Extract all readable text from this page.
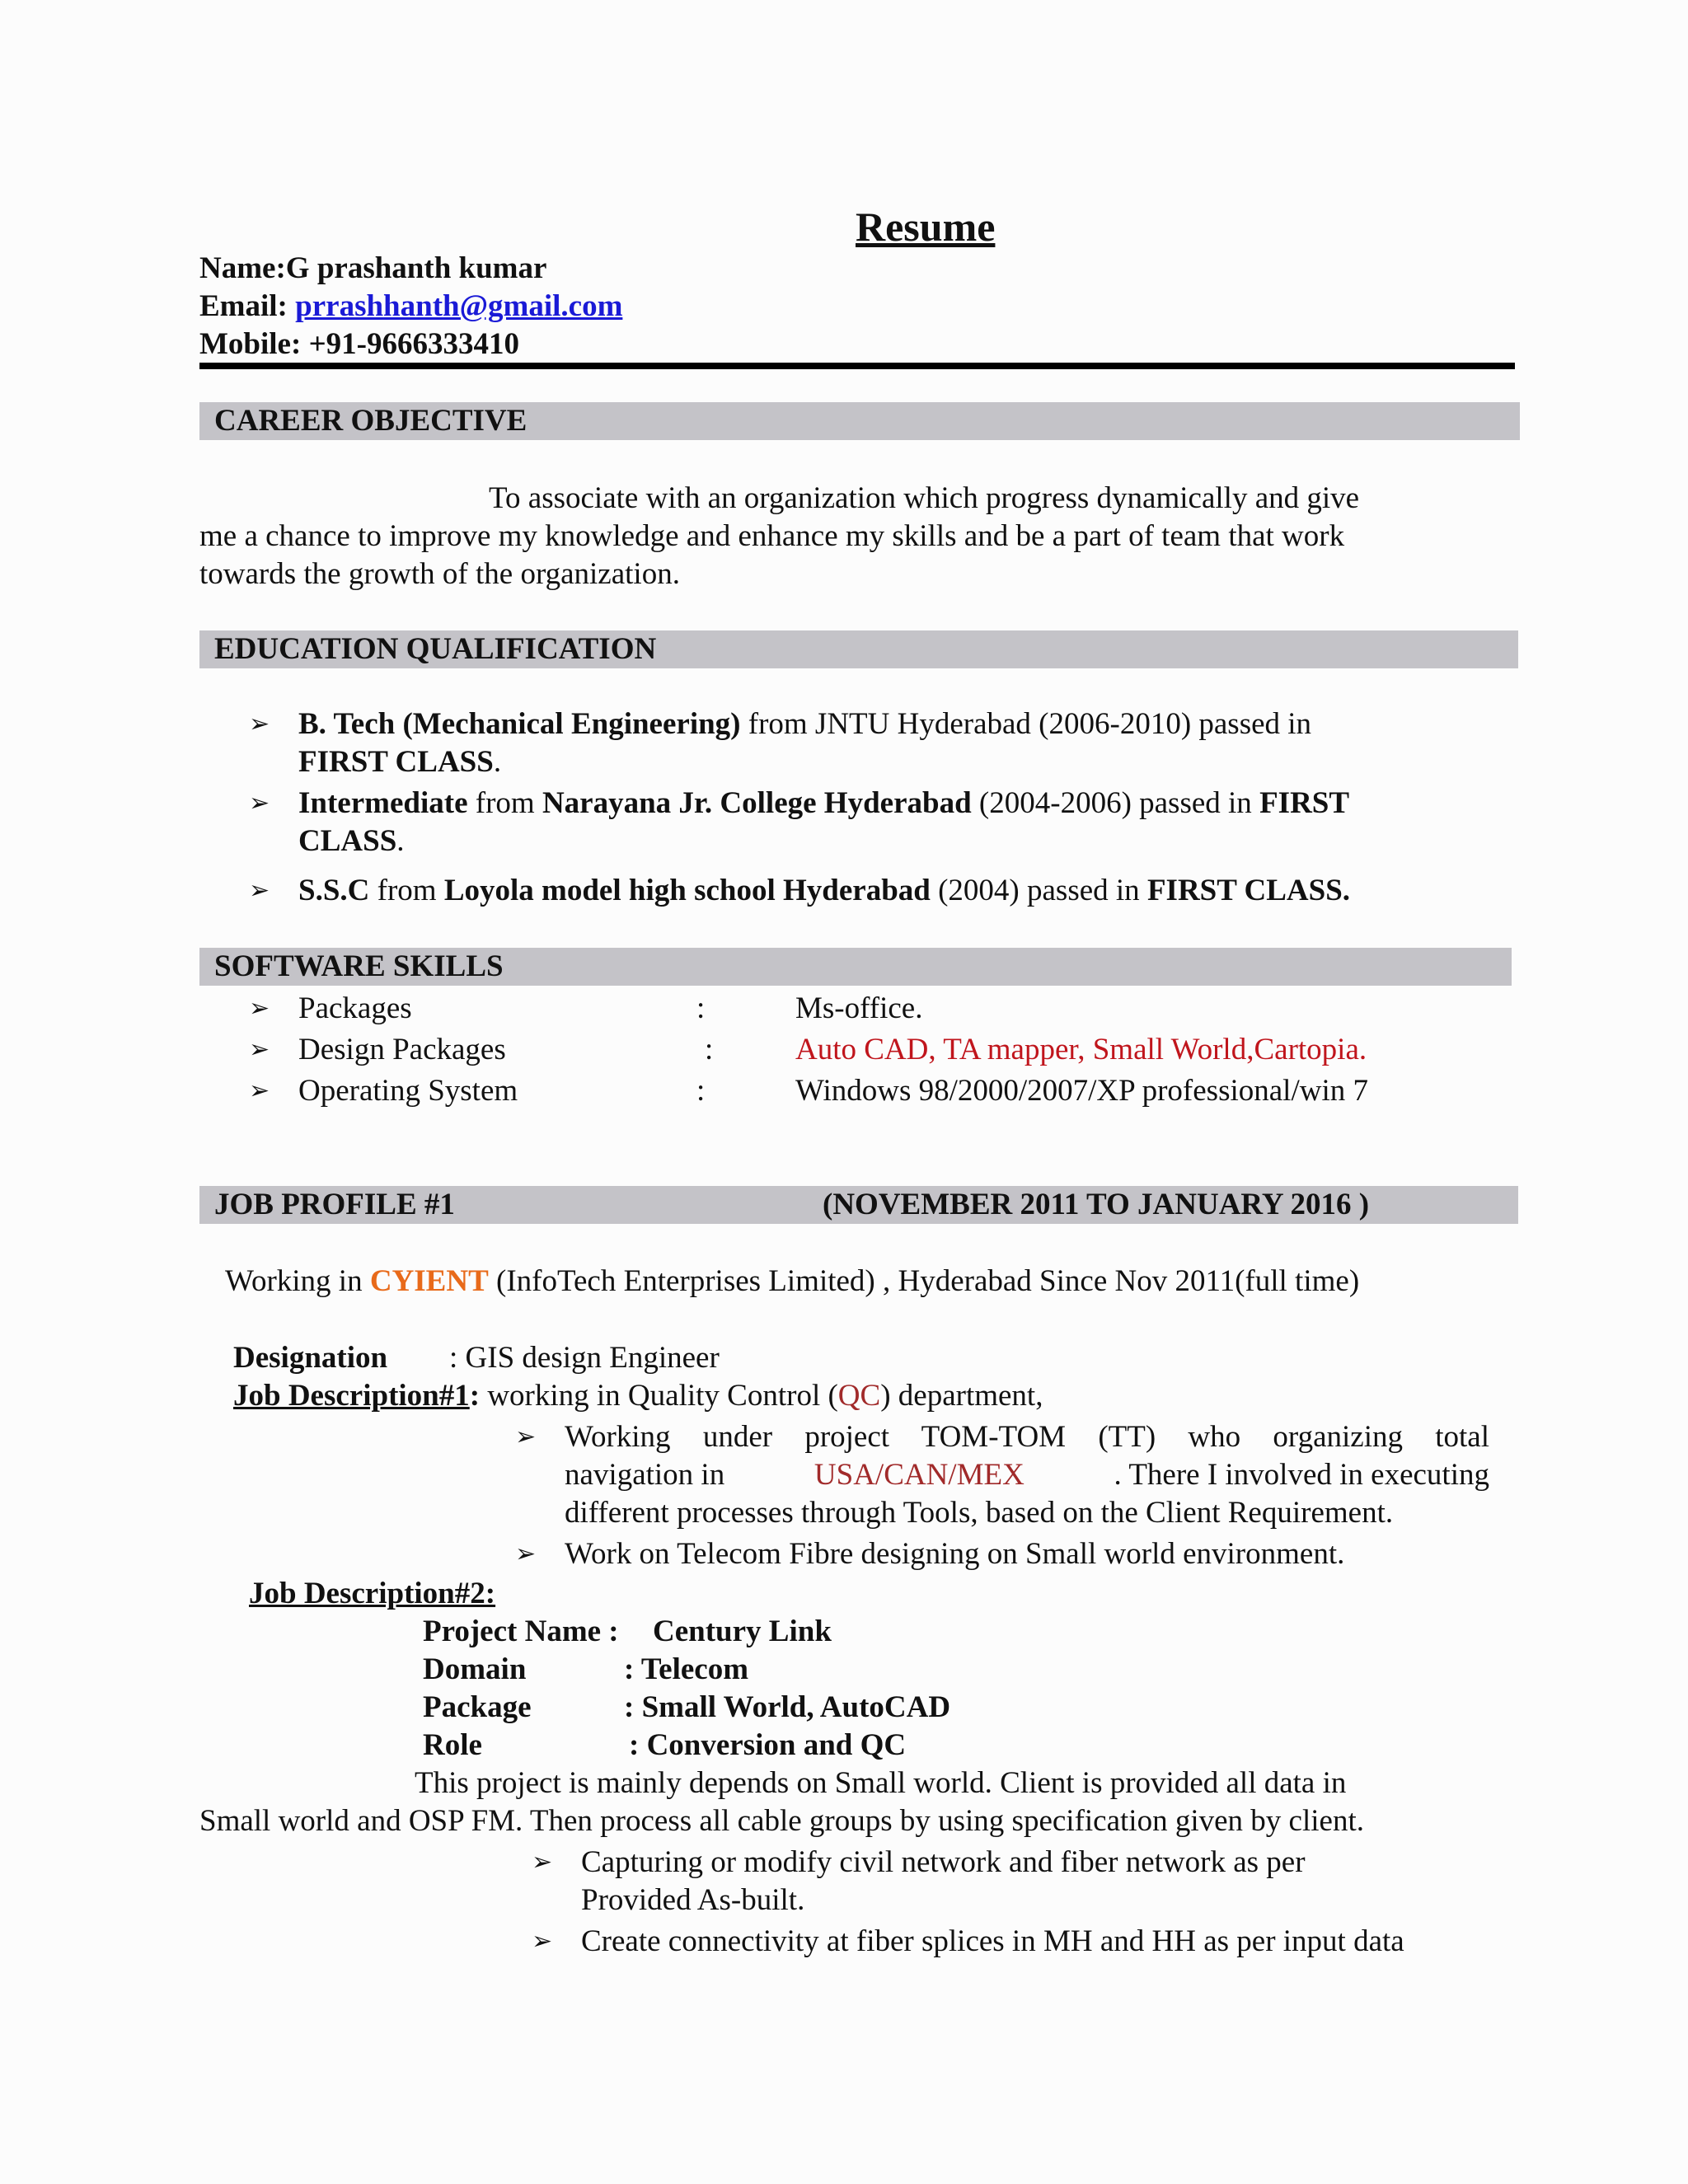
Resume
Name:G prashanth kumar
Email: prrashhanth@gmail.com
Mobile: +91-9666333410
CAREER OBJECTIVE
To associate with an organization which progress dynamically and give
me a chance to improve my knowledge and enhance my skills and be a part of team that work
towards the growth of the organization.
EDUCATION QUALIFICATION
➢ B. Tech (Mechanical Engineering) from JNTU Hyderabad (2006-2010) passed in
FIRST CLASS.
➢ Intermediate from Narayana Jr. College Hyderabad (2004-2006) passed in FIRST
CLASS.
➢ S.S.C from Loyola model high school Hyderabad (2004) passed in FIRST CLASS.
SOFTWARE SKILLS
➢ Packages	:	Ms-office.
➢ Design Packages	:	Auto CAD, TA mapper, Small World,Cartopia.
➢ Operating System	:	Windows 98/2000/2007/XP professional/win 7
JOB PROFILE #1	(NOVEMBER 2011 TO JANUARY 2016 )
Working in CYIENT (InfoTech Enterprises Limited) , Hyderabad Since Nov 2011(full time)
Designation : GIS design Engineer
Job Description#1: working in Quality Control (QC) department,
➢ Working under project TOM-TOM (TT) who organizing total
navigation in	USA/CAN/MEX	. There I involved in executing
different processes through Tools, based on the Client Requirement.
➢ Work on Telecom Fibre designing on Small world environment.
Job Description#2:
Project Name : Century Link
Domain	: Telecom
Package	: Small World, AutoCAD
Role	: Conversion and QC
This project is mainly depends on Small world. Client is provided all data in
Small world and OSP FM. Then process all cable groups by using specification given by client.
➢ Capturing or modify civil network and fiber network as per
Provided As-built.
➢ Create connectivity at fiber splices in MH and HH as per input data
